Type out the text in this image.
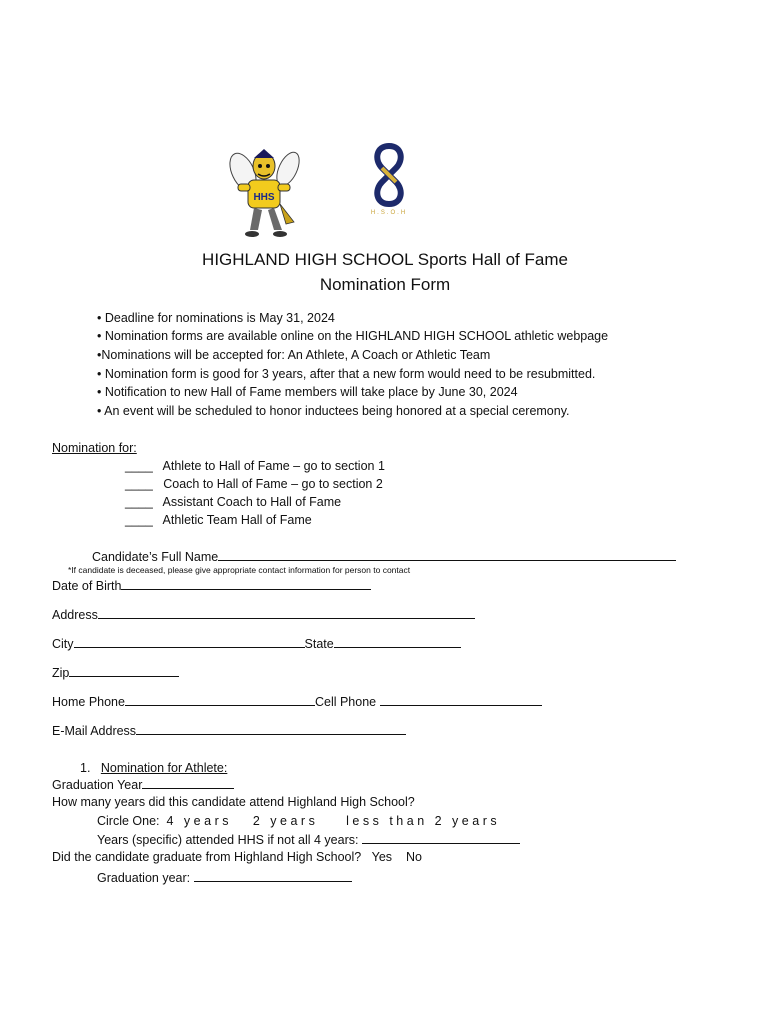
HHS
H.S.O.H
HIGHLAND HIGH SCHOOL Sports Hall of Fame
Nomination Form
• Deadline for nominations is May 31, 2024
• Nomination forms are available online on the HIGHLAND HIGH SCHOOL athletic webpage
•Nominations will be accepted for: An Athlete, A Coach or Athletic Team
• Nomination form is good for 3 years, after that a new form would need to be resubmitted.
• Notification to new Hall of Fame members will take place by June 30, 2024
• An event will be scheduled to honor inductees being honored at a special ceremony.
Nomination for:
____ Athlete to Hall of Fame – go to section 1
____ Coach to Hall of Fame – go to section 2
____ Assistant Coach to Hall of Fame
____ Athletic Team Hall of Fame
Candidate’s Full Name
*If candidate is deceased, please give appropriate contact information for person to contact
Date of Birth
Address
City	State
Zip
Home Phone	Cell Phone
E-Mail Address
1. Nomination for Athlete:
Graduation Year
How many years did this candidate attend Highland High School?
Circle One: 4 years 2 years less than 2 years
Years (specific) attended HHS if not all 4 years:
Did the candidate graduate from Highland High School? Yes No
Graduation year:
